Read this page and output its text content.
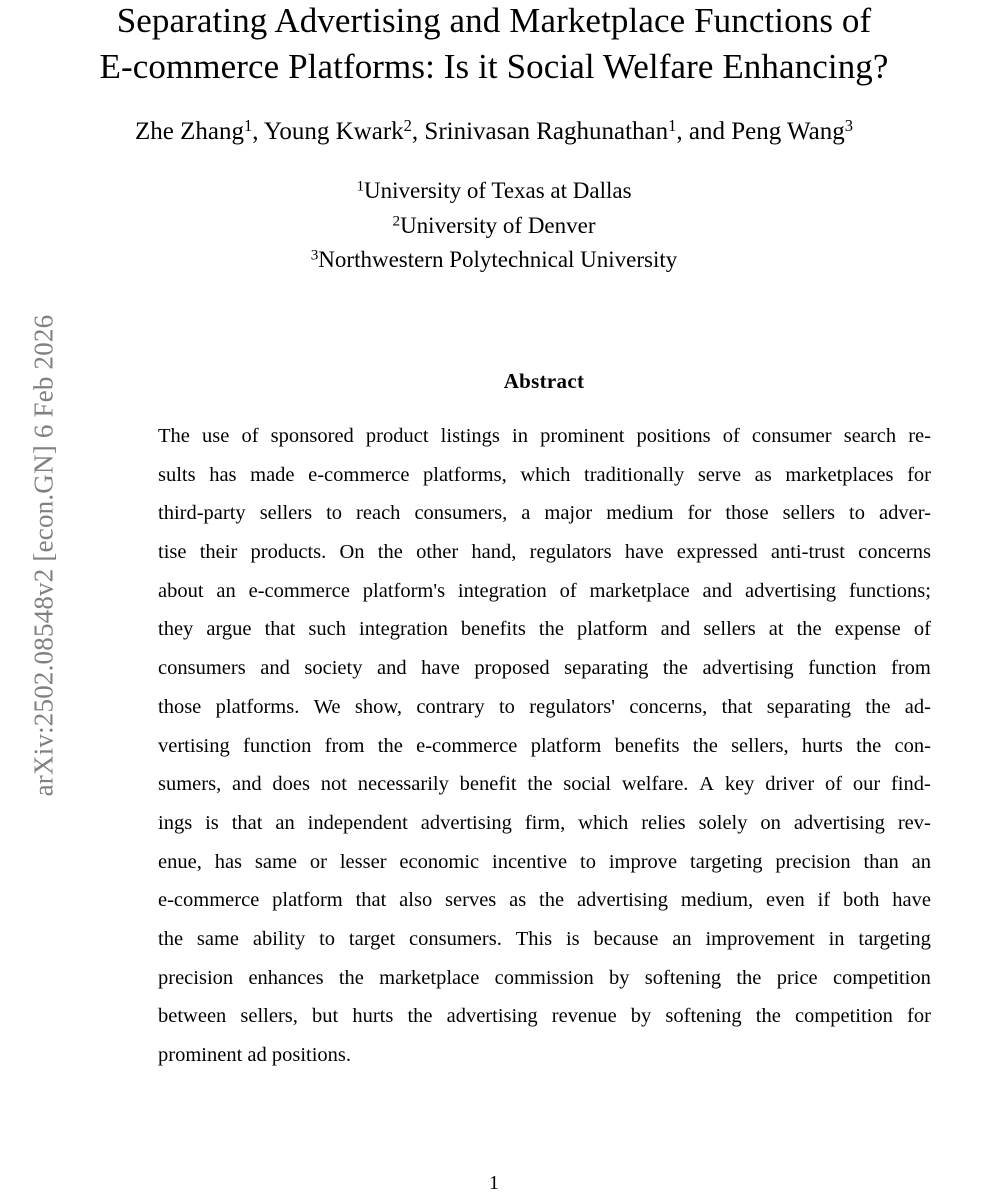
arXiv:2502.08548v2 [econ.GN] 6 Feb 2026
Separating Advertising and Marketplace Functions of
E-commerce Platforms: Is it Social Welfare Enhancing?
Zhe Zhang$^1$, Young Kwark$^2$, Srinivasan Raghunathan$^1$, and Peng Wang$^3$
$^1$University of Texas at Dallas
$^2$University of Denver
$^3$Northwestern Polytechnical University
Abstract
The use of sponsored product listings in prominent positions of consumer search re-
sults has made e-commerce platforms, which traditionally serve as marketplaces for
third-party sellers to reach consumers, a major medium for those sellers to adver-
tise their products. On the other hand, regulators have expressed anti-trust concerns
about an e-commerce platform's integration of marketplace and advertising functions;
they argue that such integration benefits the platform and sellers at the expense of
consumers and society and have proposed separating the advertising function from
those platforms. We show, contrary to regulators' concerns, that separating the ad-
vertising function from the e-commerce platform benefits the sellers, hurts the con-
sumers, and does not necessarily benefit the social welfare. A key driver of our find-
ings is that an independent advertising firm, which relies solely on advertising rev-
enue, has same or lesser economic incentive to improve targeting precision than an
e-commerce platform that also serves as the advertising medium, even if both have
the same ability to target consumers. This is because an improvement in targeting
precision enhances the marketplace commission by softening the price competition
between sellers, but hurts the advertising revenue by softening the competition for
prominent ad positions.
1
